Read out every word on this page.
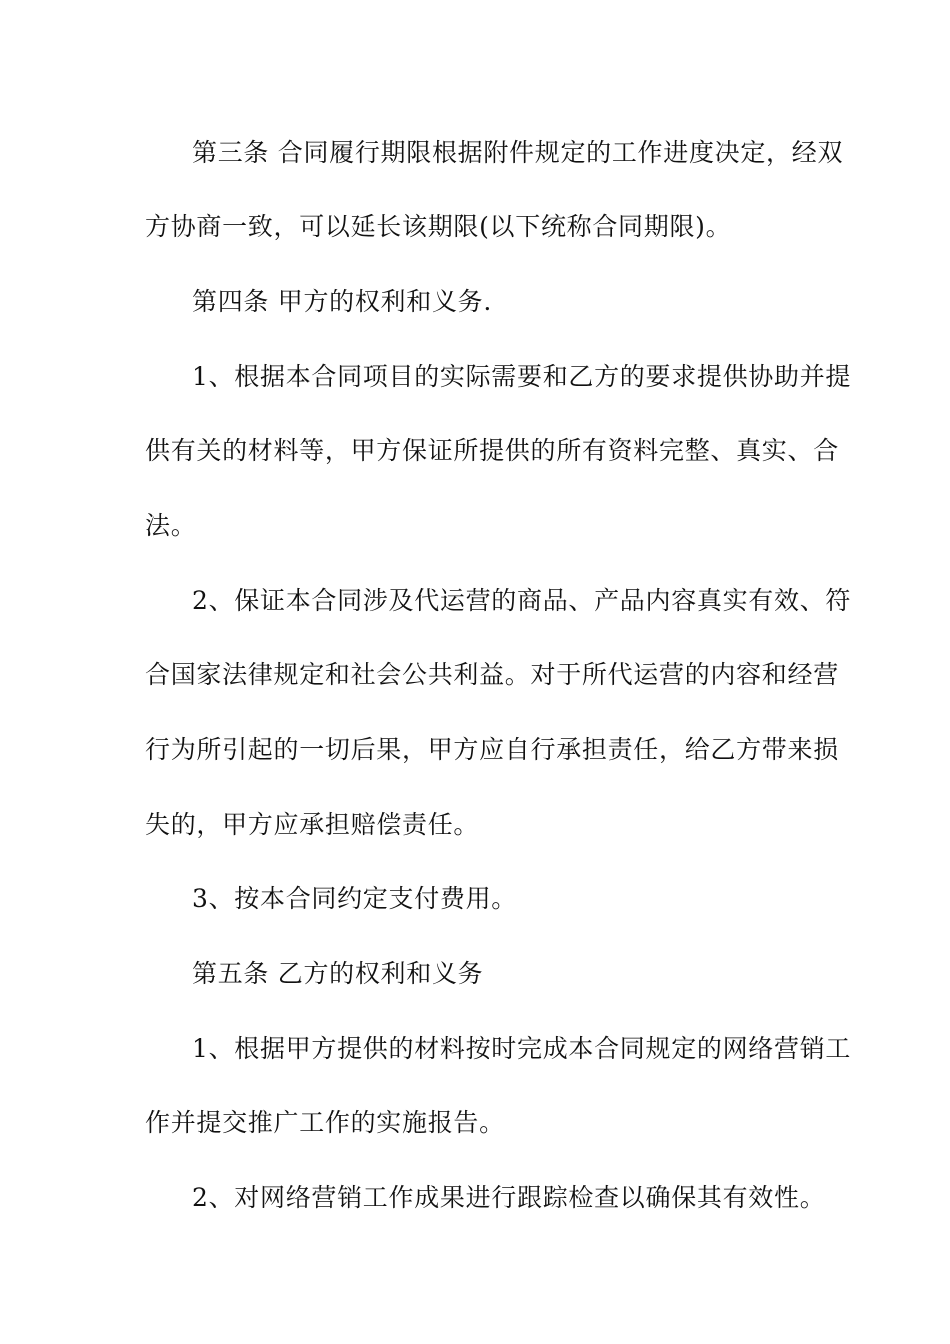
第三条 合同履行期限根据附件规定的工作进度决定，经双
方协商一致，可以延长该期限(以下统称合同期限)。
第四条 甲方的权利和义务.
1、根据本合同项目的实际需要和乙方的要求提供协助并提
供有关的材料等，甲方保证所提供的所有资料完整、真实、合
法。
2、保证本合同涉及代运营的商品、产品内容真实有效、符
合国家法律规定和社会公共利益。对于所代运营的内容和经营
行为所引起的一切后果，甲方应自行承担责任，给乙方带来损
失的，甲方应承担赔偿责任。
3、按本合同约定支付费用。
第五条 乙方的权利和义务
1、根据甲方提供的材料按时完成本合同规定的网络营销工
作并提交推广工作的实施报告。
2、对网络营销工作成果进行跟踪检查以确保其有效性。
